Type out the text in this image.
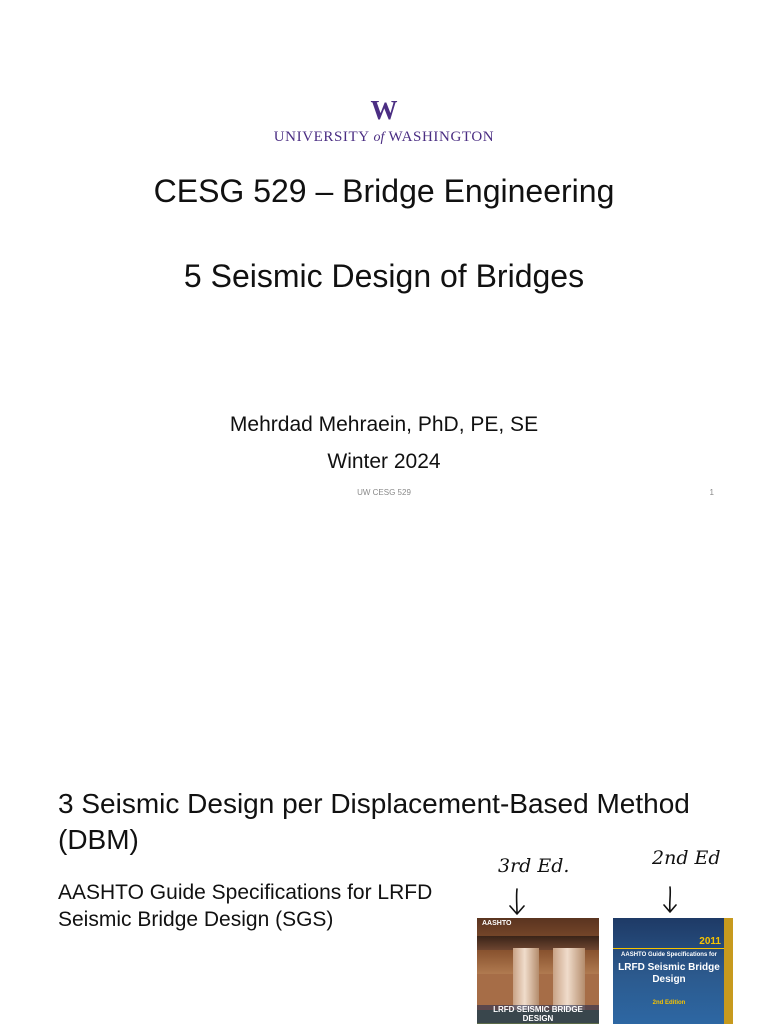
W
UNIVERSITY of WASHINGTON
CESG 529 – Bridge Engineering
5 Seismic Design of Bridges
Mehrdad Mehraein, PhD, PE, SE
Winter 2024
UW CESG 529	1
3 Seismic Design per Displacement-Based Method (DBM)
AASHTO Guide Specifications for LRFD Seismic Bridge Design (SGS)
3rd Ed.	2nd Ed
AASHTO
LRFD SEISMIC BRIDGE DESIGN
2011
AASHTO Guide Specifications for
LRFD Seismic Bridge Design
2nd Edition
